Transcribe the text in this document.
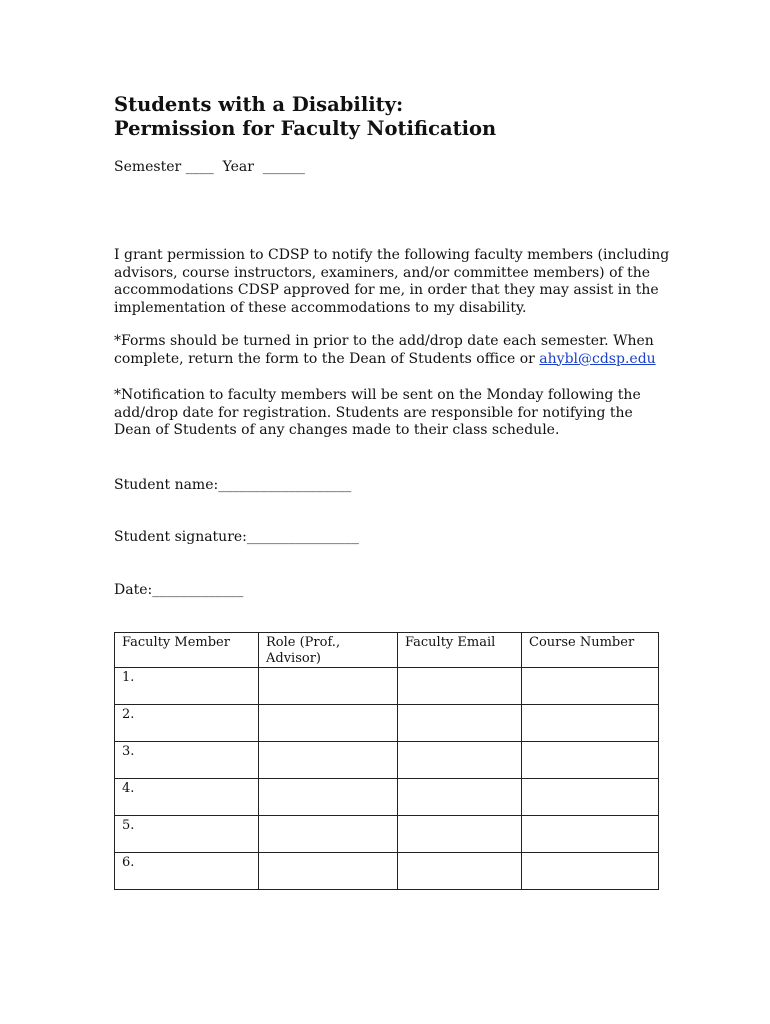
Students with a Disability:
Permission for Faculty Notification
Semester ____ Year ______

I grant permission to CDSP to notify the following faculty members (including advisors, course instructors, examiners, and/or committee members) of the accommodations CDSP approved for me, in order that they may assist in the implementation of these accommodations to my disability.

*Forms should be turned in prior to the add/drop date each semester. When complete, return the form to the Dean of Students office or ahybl@cdsp.edu

*Notification to faculty members will be sent on the Monday following the add/drop date for registration. Students are responsible for notifying the Dean of Students of any changes made to their class schedule.

Student name:___________________
Student signature:________________
Date:_____________
Faculty Member	Role (Prof., Advisor)	Faculty Email	Course Number
1.			
2.			
3.			
4.			
5.			
6.			
